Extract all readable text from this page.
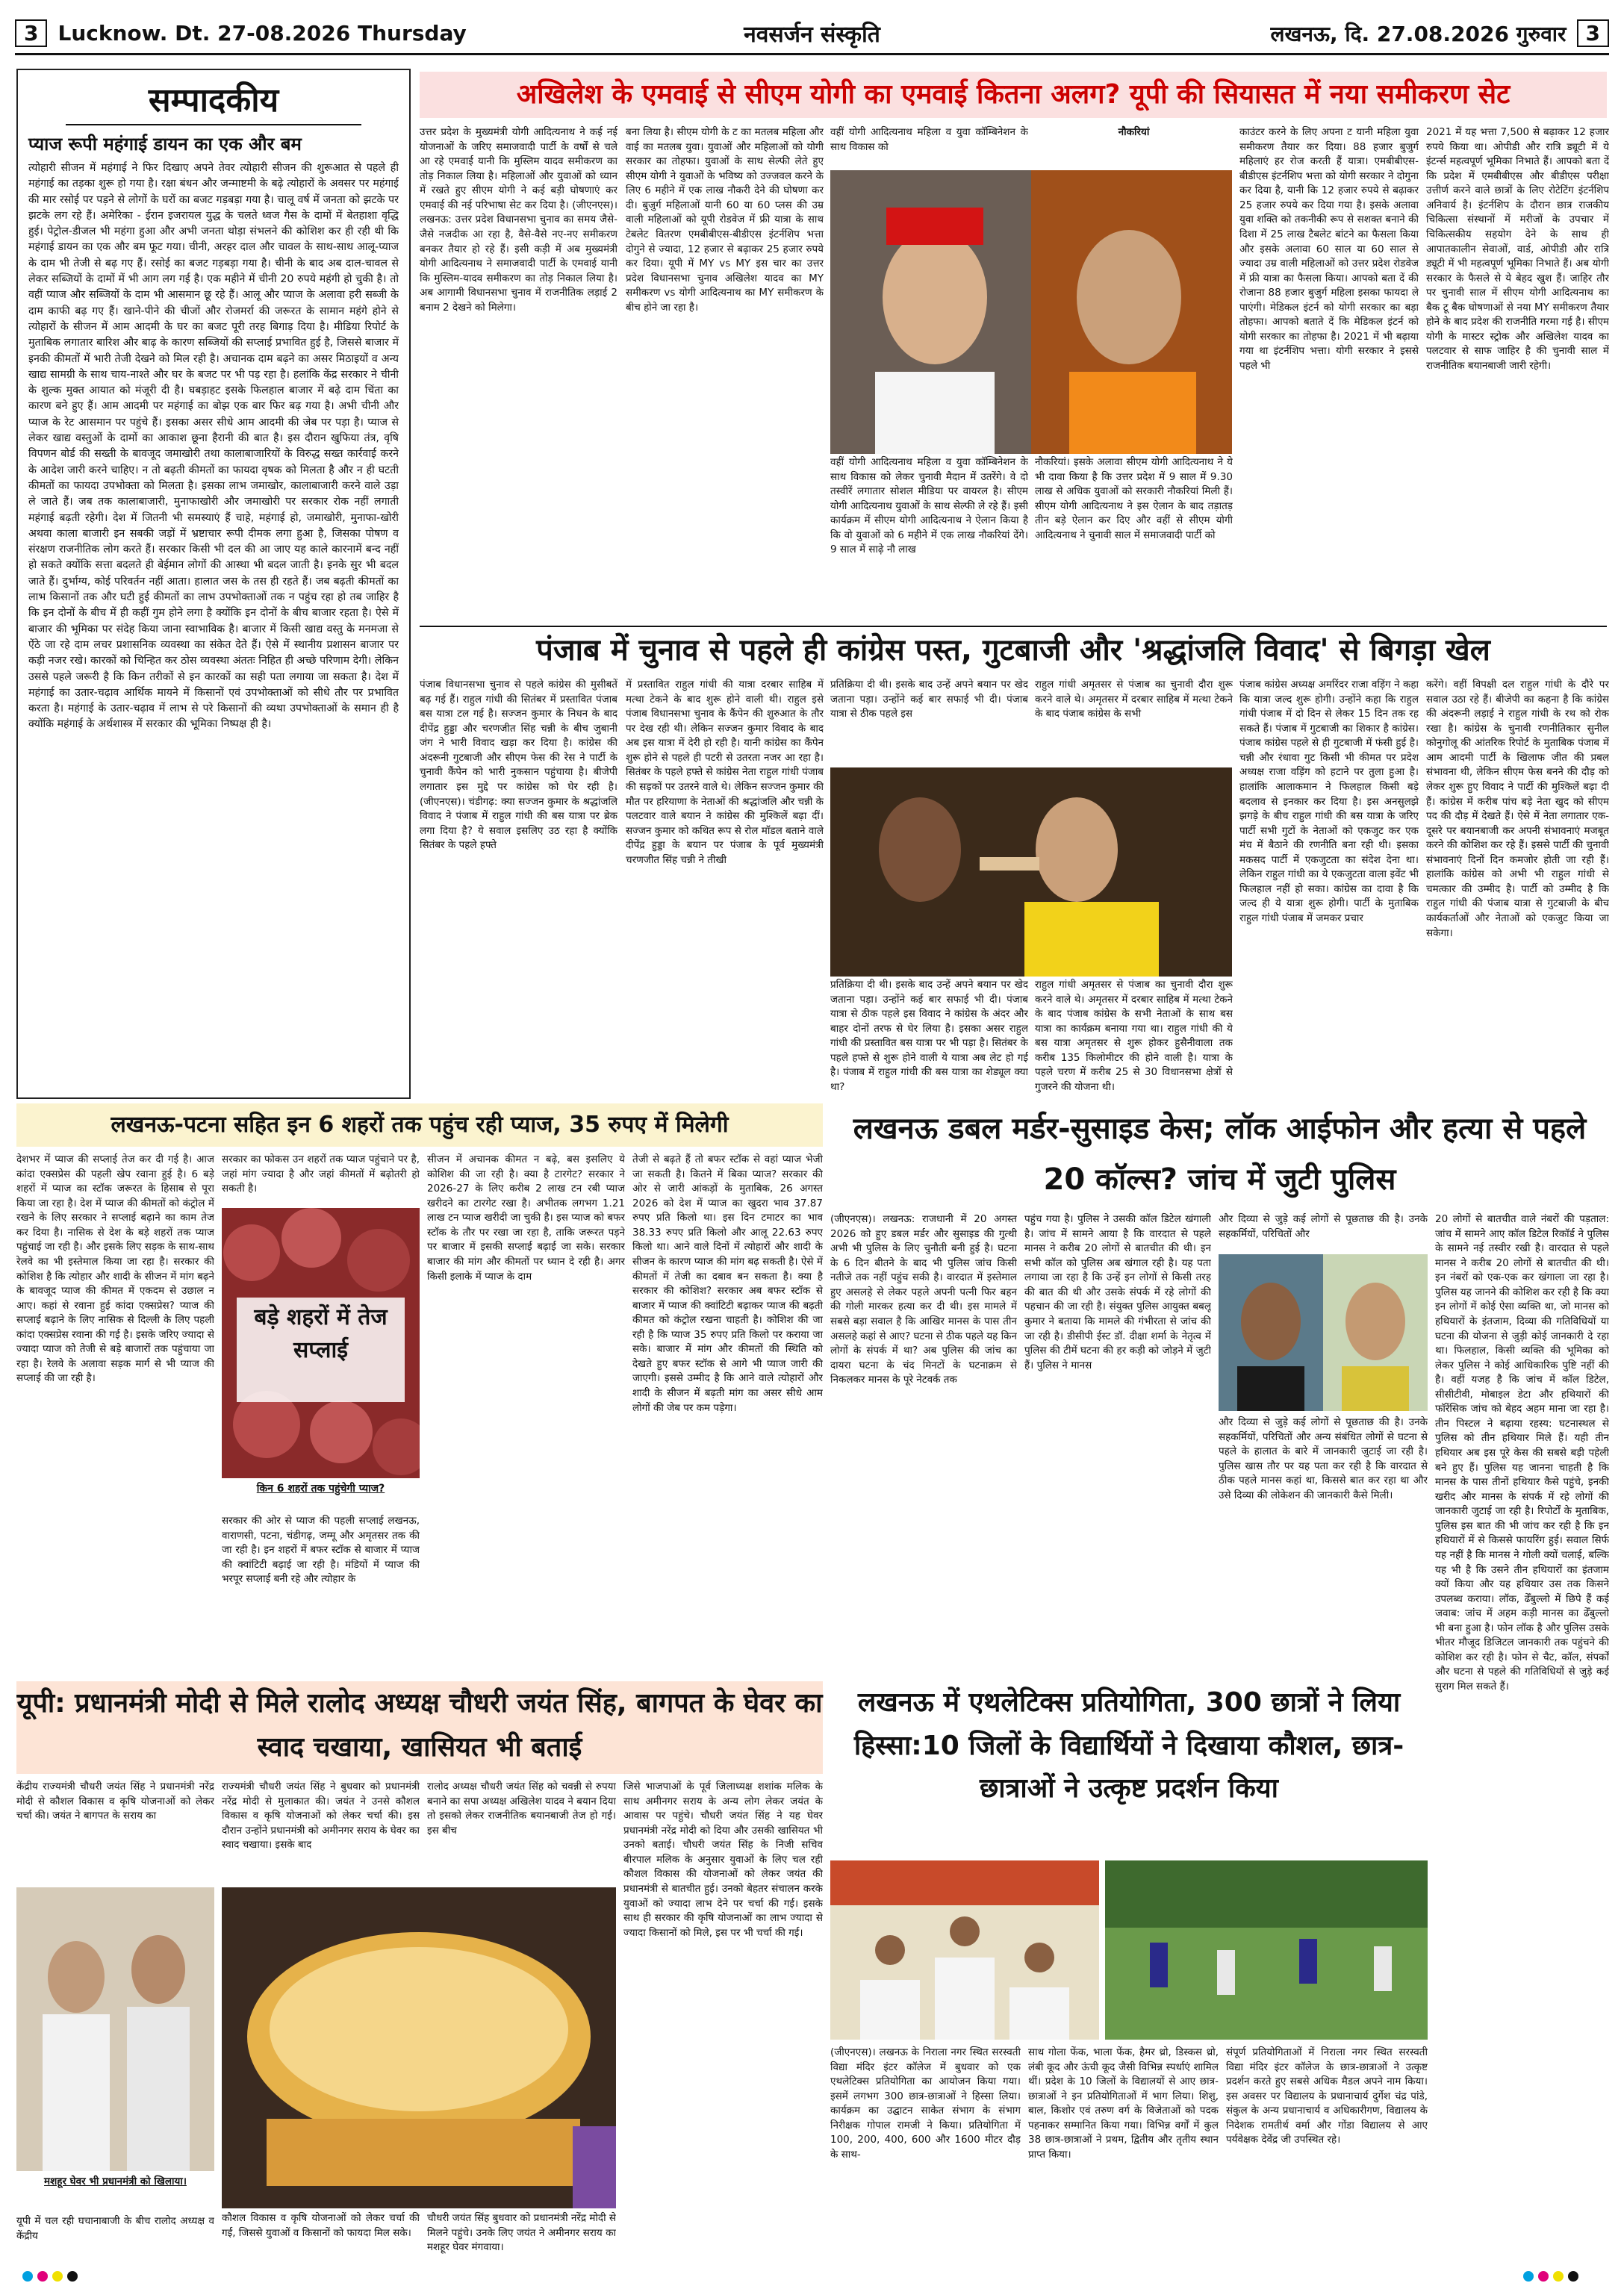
3 Lucknow. Dt. 27-08.2026 Thursday	नवसर्जन संस्कृति	लखनऊ, दि. 27.08.2026 गुरुवार 3
सम्पादकीय
प्याज रूपी महंगाई डायन का एक और बम
त्योहारी सीजन में महंगाई ने फिर दिखाए अपने तेवर त्योहारी सीजन की शुरूआत से पहले ही महंगाई का तड़का शुरू हो गया है। रक्षा बंधन और जन्माष्टमी के बढ़े त्योहारों के अवसर पर महंगाई की मार रसोई पर पड़ने से लोगों के घरों का बजट गड़बड़ा गया है। चालू वर्ष में जनता को झटके पर झटके लग रहे हैं। अमेरिका - ईरान इजरायल युद्ध के चलते ध्वज गैस के दामों में बेतहाशा वृद्धि हुई। पेट्रोल-डीजल भी महंगा हुआ और अभी जनता थोड़ा संभलने की कोशिश कर ही रही थी कि महंगाई डायन का एक और बम फूट गया। चीनी, अरहर दाल और चावल के साथ-साथ आलू-प्याज के दाम भी तेजी से बढ़ गए हैं। रसोई का बजट गड़बड़ा गया है। चीनी के बाद अब दाल-चावल से लेकर सब्जियों के दामों में भी आग लग गई है। एक महीने में चीनी 20 रुपये महंगी हो चुकी है। तो वहीं प्याज और सब्जियों के दाम भी आसमान छू रहे हैं। आलू और प्याज के अलावा हरी सब्जी के दाम काफी बढ़ गए हैं। खाने-पीने की चीजों और रोजमर्रा की जरूरत के सामान महंगे होने से त्योहारों के सीजन में आम आदमी के घर का बजट पूरी तरह बिगाड़ दिया है। मीडिया रिपोर्ट के मुताबिक लगातार बारिश और बाढ़ के कारण सब्जियों की सप्लाई प्रभावित हुई है, जिससे बाजार में इनकी कीमतों में भारी तेजी देखने को मिल रही है। अचानक दाम बढ़ने का असर मिठाइयों व अन्य खाद्य सामग्री के साथ चाय-नाश्ते और घर के बजट पर भी पड़ रहा है। हलांकि केंद्र सरकार ने चीनी के शुल्क मुक्त आयात को मंजूरी दी है। घबड़ाहट इसके फिलहाल बाजार में बढ़े दाम चिंता का कारण बने हुए हैं। आम आदमी पर महंगाई का बोझ एक बार फिर बढ़ गया है। अभी चीनी और प्याज के रेट आसमान पर पहुंचे हैं। इसका असर सीधे आम आदमी की जेब पर पड़ा है। प्याज से लेकर खाद्य वस्तुओं के दामों का आकाश छूना हैरानी की बात है। इस दौरान खुफिया तंत्र, वृषि विपणन बोर्ड की सख्ती के बावजूद जमाखोरी तथा कालाबाजारियों के विरुद्ध सख्त कार्रवाई करने के आदेश जारी करने चाहिए। न तो बढ़ती कीमतों का फायदा वृषक को मिलता है और न ही घटती कीमतों का फायदा उपभोक्ता को मिलता है। इसका लाभ जमाखोर, कालाबाजारी करने वाले उड़ा ले जाते हैं। जब तक कालाबाजारी, मुनाफाखोरी और जमाखोरी पर सरकार रोक नहीं लगाती महंगाई बढ़ती रहेगी। देश में जितनी भी समस्याएं हैं चाहे, महंगाई हो, जमाखोरी, मुनाफा-खोरी अथवा काला बाजारी इन सबकी जड़ों में भ्रष्टाचार रूपी दीमक लगा हुआ है, जिसका पोषण व संरक्षण राजनीतिक लोग करते हैं। सरकार किसी भी दल की आ जाए यह काले कारनामें बन्द नहीं हो सकते क्योंकि सत्ता बदलते ही बेईमान लोगों की आस्था भी बदल जाती है। इनके सुर भी बदल जाते हैं। दुर्भाग्य, कोई परिवर्तन नहीं आता। हालात जस के तस ही रहते हैं। जब बढ़ती कीमतों का लाभ किसानों तक और घटी हुई कीमतों का लाभ उपभोक्ताओं तक न पहुंच रहा हो तब जाहिर है कि इन दोनों के बीच में ही कहीं गुम होने लगा है क्योंकि इन दोनों के बीच बाजार रहता है। ऐसे में बाजार की भूमिका पर संदेह किया जाना स्वाभाविक है। बाजार में किसी खाद्य वस्तु के मनमजा से ऐंठे जा रहे दाम लचर प्रशासनिक व्यवस्था का संकेत देते हैं। ऐसे में स्थानीय प्रशासन बाजार पर कड़ी नजर रखे। कारकों को चिन्हित कर ठोस व्यवस्था अंततः निहित ही अच्छे परिणाम देगी। लेकिन उससे पहले जरूरी है कि किन तरीकों से इन कारकों का सही पता लगाया जा सकता है। देश में महंगाई का उतार-चढ़ाव आर्थिक मायने में किसानों एवं उपभोक्ताओं को सीधे तौर पर प्रभावित करता है। महंगाई के उतार-चढ़ाव में लाभ से परे किसानों की व्यथा उपभोक्ताओं के समान ही है क्योंकि महंगाई के अर्थशास्त्र में सरकार की भूमिका निष्पक्ष ही है।
अखिलेश के एमवाई से सीएम योगी का एमवाई कितना अलग? यूपी की सियासत में नया समीकरण सेट
उत्तर प्रदेश के मुख्यमंत्री योगी आदित्यनाथ ने कई नई योजनाओं के जरिए समाजवादी पार्टी के वर्षों से चले आ रहे एमवाई यानी कि मुस्लिम यादव समीकरण का तोड़ निकाल लिया है। महिलाओं और युवाओं को ध्यान में रखते हुए सीएम योगी ने कई बड़ी घोषणाएं कर एमवाई की नई परिभाषा सेट कर दिया है। (जीएनएस)। लखनऊ: उत्तर प्रदेश विधानसभा चुनाव का समय जैसे-जैसे नजदीक आ रहा है, वैसे-वैसे नए-नए समीकरण बनकर तैयार हो रहे हैं। इसी कड़ी में अब मुख्यमंत्री योगी आदित्यनाथ ने समाजवादी पार्टी के एमवाई यानी कि मुस्लिम-यादव समीकरण का तोड़ निकाल लिया है। अब आगामी विधानसभा चुनाव में राजनीतिक लड़ाई 2 बनाम 2 देखने को मिलेगा।
बना लिया है। सीएम योगी के ट का मतलब महिला और वाई का मतलब युवा। युवाओं और महिलाओं को योगी सरकार का तोहफा। युवाओं के साथ सेल्फी लेते हुए सीएम योगी ने युवाओं के भविष्य को उज्जवल करने के लिए 6 महीने में एक लाख नौकरी देने की घोषणा कर दी। बुजुर्ग महिलाओं यानी 60 या 60 प्लस की उम्र वाली महिलाओं को यूपी रोडवेज में फ्री यात्रा के साथ टेबलेट वितरण एमबीबीएस-बीडीएस इंटर्नशिप भत्ता दोगुने से ज्यादा, 12 हजार से बढ़ाकर 25 हजार रुपये कर दिया। यूपी में MY vs MY इस चार का उत्तर प्रदेश विधानसभा चुनाव अखिलेश यादव का MY समीकरण vs योगी आदित्यनाथ का MY समीकरण के बीच होने जा रहा है।
वहीं योगी आदित्यनाथ महिला व युवा कॉम्बिनेशन के साथ विकास को
वहीं योगी आदित्यनाथ महिला व युवा कॉम्बिनेशन के साथ विकास को लेकर चुनावी मैदान में उतरेंगे। वे दो तस्वीरें लगातार सोशल मीडिया पर वायरल है। सीएम योगी आदित्यनाथ युवाओं के साथ सेल्फी ले रहे हैं। इसी कार्यक्रम में सीएम योगी आदित्यनाथ ने ऐलान किया है कि वो युवाओं को 6 महीने में एक लाख नौकरियां देंगे। 9 साल में साढ़े नौ लाख
नौकरियां। इसके अलावा सीएम योगी आदित्यनाथ ने ये भी दावा किया है कि उत्तर प्रदेश में 9 साल में 9.30 लाख से अधिक युवाओं को सरकारी नौकरियां मिली हैं। सीएम योगी आदित्यनाथ ने इस ऐलान के बाद तड़ातड़ तीन बड़े ऐलान कर दिए और वहीं से सीएम योगी आदित्यनाथ ने चुनावी साल में समाजवादी पार्टी को
नौकरियां	काउंटर करने के लिए अपना ट यानी महिला युवा समीकरण तैयार कर दिया। 88 हजार बुजुर्ग महिलाएं हर रोज करती हैं यात्रा। एमबीबीएस-बीडीएस इंटर्नशिप भत्ता को योगी सरकार ने दोगुना कर दिया है, यानी कि 12 हजार रुपये से बढ़ाकर 25 हजार रुपये कर दिया गया है। इसके अलावा युवा शक्ति को तकनीकी रूप से सशक्त बनाने की दिशा में 25 लाख टैबलेट बांटने का फैसला किया और इसके अलावा 60 साल या 60 साल से ज्यादा उम्र वाली महिलाओं को उत्तर प्रदेश रोडवेज में फ्री यात्रा का फैसला किया। आपको बता दें की रोजाना 88 हजार बुजुर्ग महिला इसका फायदा ले पाएंगी। मेडिकल इंटर्न को योगी सरकार का बड़ा तोहफा। आपको बताते दें कि मेडिकल इंटर्न को योगी सरकार का तोहफा है। 2021 में भी बढ़ाया गया था इंटर्नशिप भत्ता। योगी सरकार ने इससे पहले भी
2021 में यह भत्ता 7,500 से बढ़ाकर 12 हजार रुपये किया था। ओपीडी और रात्रि ड्यूटी में ये इंटर्न्स महत्वपूर्ण भूमिका निभाते हैं। आपको बता दें कि प्रदेश में एमबीबीएस और बीडीएस परीक्षा उत्तीर्ण करने वाले छात्रों के लिए रोटेटिंग इंटर्नशिप अनिवार्य है। इंटर्नशिप के दौरान छात्र राजकीय चिकित्सा संस्थानों में मरीजों के उपचार में चिकित्सकीय सहयोग देने के साथ ही आपातकालीन सेवाओं, वार्ड, ओपीडी और रात्रि ड्यूटी में भी महत्वपूर्ण भूमिका निभाते हैं। अब योगी सरकार के फैसले से ये बेहद खुश हैं। जाहिर तौर पर चुनावी साल में सीएम योगी आदित्यनाथ का बैक टू बैक घोषणाओं से नया MY समीकरण तैयार होने के बाद प्रदेश की राजनीति गरमा गई है। सीएम योगी के मास्टर स्ट्रोक और अखिलेश यादव का पलटवार से साफ जाहिर है की चुनावी साल में राजनीतिक बयानबाजी जारी रहेगी।
पंजाब में चुनाव से पहले ही कांग्रेस पस्त, गुटबाजी और 'श्रद्धांजलि विवाद' से बिगड़ा खेल
पंजाब विधानसभा चुनाव से पहले कांग्रेस की मुसीबतें बढ़ गई हैं। राहुल गांधी की सितंबर में प्रस्तावित पंजाब बस यात्रा टल गई है। सज्जन कुमार के निधन के बाद दीपेंद्र हुड्डा और चरणजीत सिंह चन्नी के बीच जुबानी जंग ने भारी विवाद खड़ा कर दिया है। कांग्रेस की अंदरूनी गुटबाजी और सीएम फेस की रेस ने पार्टी के चुनावी कैंपेन को भारी नुकसान पहुंचाया है। बीजेपी लगातार इस मुद्दे पर कांग्रेस को घेर रही है। (जीएनएस)। चंडीगढ़: क्या सज्जन कुमार के श्रद्धांजलि विवाद ने पंजाब में राहुल गांधी की बस यात्रा पर ब्रेक लगा दिया है? ये सवाल इसलिए उठ रहा है क्योंकि सितंबर के पहले हफ्ते
में प्रस्तावित राहुल गांधी की यात्रा दरबार साहिब में मत्था टेकने के बाद शुरू होने वाली थी। राहुल इसे पंजाब विधानसभा चुनाव के कैंपेन की शुरुआत के तौर पर देख रही थी। लेकिन सज्जन कुमार विवाद के बाद अब इस यात्रा में देरी हो रही है। यानी कांग्रेस का कैंपेन शुरू होने से पहले ही पटरी से उतरता नजर आ रहा है। सितंबर के पहले हफ्ते से कांग्रेस नेता राहुल गांधी पंजाब की सड़कों पर उतरने वाले थे। लेकिन सज्जन कुमार की मौत पर हरियाणा के नेताओं की श्रद्धांजलि और चन्नी के पलटवार वाले बयान ने कांग्रेस की मुश्किलें बढ़ा दीं। सज्जन कुमार को कथित रूप से रोल मॉडल बताने वाले दीपेंद्र हुड्डा के बयान पर पंजाब के पूर्व मुख्यमंत्री चरणजीत सिंह चन्नी ने तीखी
प्रतिक्रिया दी थी। इसके बाद उन्हें अपने बयान पर खेद जताना पड़ा। उन्होंने कई बार सफाई भी दी। पंजाब यात्रा से ठीक पहले इस
प्रतिक्रिया दी थी। इसके बाद उन्हें अपने बयान पर खेद जताना पड़ा। उन्होंने कई बार सफाई भी दी। पंजाब यात्रा से ठीक पहले इस विवाद ने कांग्रेस के अंदर और बाहर दोनों तरफ से घेर लिया है। इसका असर राहुल गांधी की प्रस्तावित बस यात्रा पर भी पड़ा है। सितंबर के पहले हफ्ते से शुरू होने वाली ये यात्रा अब लेट हो गई है। पंजाब में राहुल गांधी की बस यात्रा का शेड्यूल क्या था?
राहुल गांधी अमृतसर से पंजाब का चुनावी दौरा शुरू करने वाले थे। अमृतसर में दरबार साहिब में मत्था टेकने के बाद पंजाब कांग्रेस के सभी नेताओं के साथ बस यात्रा का कार्यक्रम बनाया गया था। राहुल गांधी की ये बस यात्रा अमृतसर से शुरू होकर हुसैनीवाला तक करीब 135 किलोमीटर की होने वाली है। यात्रा के पहले चरण में करीब 25 से 30 विधानसभा क्षेत्रों से गुजरने की योजना थी।
राहुल गांधी अमृतसर से पंजाब का चुनावी दौरा शुरू करने वाले थे। अमृतसर में दरबार साहिब में मत्था टेकने के बाद पंजाब कांग्रेस के सभी
पंजाब कांग्रेस अध्यक्ष अमरिंदर राजा वड़िंग ने कहा कि यात्रा जल्द शुरू होगी। उन्होंने कहा कि राहुल गांधी पंजाब में दो दिन से लेकर 15 दिन तक रह सकते हैं। पंजाब में गुटबाजी का शिकार है कांग्रेस। पंजाब कांग्रेस पहले से ही गुटबाजी में फंसी हुई है। चन्नी और रंधावा गुट किसी भी कीमत पर प्रदेश अध्यक्ष राजा वड़िंग को हटाने पर तुला हुआ है। हालांकि आलाकमान ने फिलहाल किसी बड़े बदलाव से इनकार कर दिया है। इस अनसुलझे झगड़े के बीच राहुल गांधी की बस यात्रा के जरिए पार्टी सभी गुटों के नेताओं को एकजुट कर एक मंच में बैठाने की रणनीति बना रही थी। इसका मकसद पार्टी में एकजुटता का संदेश देना था। लेकिन राहुल गांधी का ये एकजुटता वाला इवेंट भी फिलहाल नहीं हो सका। कांग्रेस का दावा है कि जल्द ही ये यात्रा शुरू होगी। पार्टी के मुताबिक राहुल गांधी पंजाब में जमकर प्रचार
करेंगे। वहीं विपक्षी दल राहुल गांधी के दौरे पर सवाल उठा रहे हैं। बीजेपी का कहना है कि कांग्रेस की अंदरूनी लड़ाई ने राहुल गांधी के रथ को रोक रखा है। कांग्रेस के चुनावी रणनीतिकार सुनील कोनुगोलू की आंतरिक रिपोर्ट के मुताबिक पंजाब में आम आदमी पार्टी के खिलाफ जीत की प्रबल संभावना थी, लेकिन सीएम फेस बनने की दौड़ को लेकर शुरू हुए विवाद ने पार्टी की मुश्किलें बढ़ा दी हैं। कांग्रेस में करीब पांच बड़े नेता खुद को सीएम पद की दौड़ में देखते हैं। ऐसे में नेता लगातार एक-दूसरे पर बयानबाजी कर अपनी संभावनाएं मजबूत करने की कोशिश कर रहे हैं। इससे पार्टी की चुनावी संभावनाएं दिनों दिन कमजोर होती जा रही हैं। हालांकि कांग्रेस को अभी भी राहुल गांधी से चमत्कार की उम्मीद है। पार्टी को उम्मीद है कि राहुल गांधी की पंजाब यात्रा से गुटबाजी के बीच कार्यकर्ताओं और नेताओं को एकजुट किया जा सकेगा।
लखनऊ-पटना सहित इन 6 शहरों तक पहुंच रही प्याज, 35 रुपए में मिलेगी
देशभर में प्याज की सप्लाई तेज कर दी गई है। आज कांदा एक्सप्रेस की पहली खेप रवाना हुई है। 6 बड़े शहरों में प्याज का स्टॉक जरूरत के हिसाब से पूरा किया जा रहा है। देश में प्याज की कीमतों को कंट्रोल में रखने के लिए सरकार ने सप्लाई बढ़ाने का काम तेज कर दिया है। नासिक से देश के बड़े शहरों तक प्याज पहुंचाई जा रही है। और इसके लिए सड़क के साथ-साथ रेलवे का भी इस्तेमाल किया जा रहा है। सरकार की कोशिश है कि त्योहार और शादी के सीजन में मांग बढ़ने के बावजूद प्याज की कीमत में एकदम से उछाल न आए। कहां से रवाना हुई कांदा एक्सप्रेस? प्याज की सप्लाई बढ़ाने के लिए नासिक से दिल्ली के लिए पहली कांदा एक्सप्रेस रवाना की गई है। इसके जरिए ज्यादा से ज्यादा प्याज को तेजी से बड़े बाजारों तक पहुंचाया जा रहा है। रेलवे के अलावा सड़क मार्ग से भी प्याज की सप्लाई की जा रही है।
सरकार का फोकस उन शहरों तक प्याज पहुंचाने पर है, जहां मांग ज्यादा है और जहां कीमतों में बढ़ोतरी हो सकती है।
बड़े शहरों में तेज सप्लाई
किन 6 शहरों तक पहुंचेगी प्याज?
सरकार की ओर से प्याज की पहली सप्लाई लखनऊ, वाराणसी, पटना, चंडीगढ़, जम्मू और अमृतसर तक की जा रही है। इन शहरों में बफर स्टॉक से बाजार में प्याज की क्वांटिटी बढ़ाई जा रही है। मंडियों में प्याज की भरपूर सप्लाई बनी रहे और त्योहार के
सीजन में अचानक कीमत न बढ़े, बस इसलिए ये कोशिश की जा रही है। क्या है टारगेट? सरकार ने 2026-27 के लिए करीब 2 लाख टन रबी प्याज खरीदने का टारगेट रखा है। अभीतक लगभग 1.21 लाख टन प्याज खरीदी जा चुकी है। इस प्याज को बफर स्टॉक के तौर पर रखा जा रहा है, ताकि जरूरत पड़ने पर बाजार में इसकी सप्लाई बढ़ाई जा सके। सरकार बाजार की मांग और कीमतों पर ध्यान दे रही है। अगर किसी इलाके में प्याज के दाम
तेजी से बढ़ते हैं तो बफर स्टॉक से वहां प्याज भेजी जा सकती है। कितने में बिका प्याज? सरकार की ओर से जारी आंकड़ों के मुताबिक, 26 अगस्त 2026 को देश में प्याज का खुदरा भाव 37.87 रुपए प्रति किलो था। इस दिन टमाटर का भाव 38.33 रुपए प्रति किलो और आलू 22.63 रुपए किलो था। आने वाले दिनों में त्योहारों और शादी के सीजन के कारण प्याज की मांग बढ़ सकती है। ऐसे में कीमतों में तेजी का दबाव बन सकता है। क्या है सरकार की कोशिश? सरकार अब बफर स्टॉक से बाजार में प्याज की क्वांटिटी बढ़ाकर प्याज की बढ़ती कीमत को कंट्रोल रखना चाहती है। कोशिश की जा रही है कि प्याज 35 रुपए प्रति किलो पर कराया जा सके। बाजार में मांग और कीमतों की स्थिति को देखते हुए बफर स्टॉक से आगे भी प्याज जारी की जाएगी। इससे उम्मीद है कि आने वाले त्योहारों और शादी के सीजन में बढ़ती मांग का असर सीधे आम लोगों की जेब पर कम पड़ेगा।
लखनऊ डबल मर्डर-सुसाइड केस; लॉक आईफोन और हत्या से पहले 20 कॉल्स? जांच में जुटी पुलिस
(जीएनएस)। लखनऊ: राजधानी में 20 अगस्त 2026 को हुए डबल मर्डर और सुसाइड की गुत्थी अभी भी पुलिस के लिए चुनौती बनी हुई है। घटना के 6 दिन बीतने के बाद भी पुलिस जांच किसी नतीजे तक नहीं पहुंच सकी है। वारदात में इस्तेमाल हुए असलहे से लेकर पहले अपनी पत्नी फिर बहन की गोली मारकर हत्या कर दी थी। इस मामले में सबसे बड़ा सवाल है कि आखिर मानस के पास तीन असलहे कहां से आए? घटना से ठीक पहले यह किन लोगों के संपर्क में था? अब पुलिस की जांच का दायरा घटना के चंद मिनटों के घटनाक्रम से निकलकर मानस के पूरे नेटवर्क तक
पहुंच गया है। पुलिस ने उसकी कॉल डिटेल खंगाली है। जांच में सामने आया है कि वारदात से पहले मानस ने करीब 20 लोगों से बातचीत की थी। इन सभी कॉल को पुलिस अब खंगाल रही है। यह पता लगाया जा रहा है कि उन्हें इन लोगों से किसी तरह की बात की थी और उसके संपर्क में रहे लोगों की पहचान की जा रही है। संयुक्त पुलिस आयुक्त बबलू कुमार ने बताया कि मामले की गंभीरता से जांच की जा रही है। डीसीपी ईस्ट डॉ. दीक्षा शर्मा के नेतृत्व में पुलिस की टीमें घटना की हर कड़ी को जोड़ने में जुटी हैं। पुलिस ने मानस
और दिव्या से जुड़े कई लोगों से पूछताछ की है। उनके सहकर्मियों, परिचितों और अन्य संबंधित लोगों से घटना से पहले के हालात के बारे में जानकारी जुटाई जा रही है। पुलिस खास तौर पर यह पता कर रही है कि वारदात से ठीक पहले मानस कहां था, किससे बात कर रहा था और उसे दिव्या की लोकेशन की जानकारी कैसे मिली।
और दिव्या से जुड़े कई लोगों से पूछताछ की है। उनके सहकर्मियों, परिचितों और
20 लोगों से बातचीत वाले नंबरों की पड़ताल: जांच में सामने आए कॉल डिटेल रिकॉर्ड ने पुलिस के सामने नई तस्वीर रखी है। वारदात से पहले मानस ने करीब 20 लोगों से बातचीत की थी। इन नंबरों को एक-एक कर खंगाला जा रहा है। पुलिस यह जानने की कोशिश कर रही है कि क्या इन लोगों में कोई ऐसा व्यक्ति था, जो मानस को हथियारों के इंतजाम, दिव्या की गतिविधियों या घटना की योजना से जुड़ी कोई जानकारी दे रहा था। फिलहाल, किसी व्यक्ति की भूमिका को लेकर पुलिस ने कोई आधिकारिक पुष्टि नहीं की है। वहीं यजह है कि जांच में कॉल डिटेल, सीसीटीवी, मोबाइल डेटा और हथियारों की फॉरेंसिक जांच को बेहद अहम माना जा रहा है। तीन पिस्टल ने बढ़ाया रहस्य: घटनास्थल से पुलिस को तीन हथियार मिले हैं। यही तीन हथियार अब इस पूरे केस की सबसे बड़ी पहेली बने हुए हैं। पुलिस यह जानना चाहती है कि मानस के पास तीनों हथियार कैसे पहुंचे, इनकी खरीद और मानस के संपर्क में रहे लोगों की जानकारी जुटाई जा रही है। रिपोर्टों के मुताबिक, पुलिस इस बात की भी जांच कर रही है कि इन हथियारों में से किससे फायरिंग हुई। सवाल सिर्फ यह नहीं है कि मानस ने गोली क्यों चलाई, बल्कि यह भी है कि उसने तीन हथियारों का इंतजाम क्यों किया और यह हथियार उस तक किसने उपलब्ध कराया। लॉक, ढेँबुल्लो में छिपे हैं कई जवाब: जांच में अहम कड़ी मानस का ढेँबुल्लो भी बना हुआ है। फोन लॉक है और पुलिस उसके भीतर मौजूद डिजिटल जानकारी तक पहुंचने की कोशिश कर रही है। फोन से चैट, कॉल, संपर्कों और घटना से पहले की गतिविधियों से जुड़े कई सुराग मिल सकते हैं।
यूपी: प्रधानमंत्री मोदी से मिले रालोद अध्यक्ष चौधरी जयंत सिंह, बागपत के घेवर का स्वाद चखाया, खासियत भी बताई
केंद्रीय राज्यमंत्री चौधरी जयंत सिंह ने प्रधानमंत्री नरेंद्र मोदी से कौशल विकास व कृषि योजनाओं को लेकर चर्चा की। जयंत ने बागपत के सराय का
मशहूर घेवर भी प्रधानमंत्री को खिलाया।
यूपी में चल रही घचानाबाजी के बीच रालोद अध्यक्ष व केंद्रीय
राज्यमंत्री चौधरी जयंत सिंह ने बुधवार को प्रधानमंत्री नरेंद्र मोदी से मुलाकात की। जयंत ने उनसे कौशल विकास व कृषि योजनाओं को लेकर चर्चा की। इस दौरान उन्होंने प्रधानमंत्री को अमीनगर सराय के घेवर का स्वाद चखाया। इसके बाद
कौशल विकास व कृषि योजनाओं को लेकर चर्चा की गई, जिससे युवाओं व किसानों को फायदा मिल सके।
रालोद अध्यक्ष चौधरी जयंत सिंह को चवन्नी से रुपया बनाने का सपा अध्यक्ष अखिलेश यादव ने बयान दिया तो इसको लेकर राजनीतिक बयानबाजी तेज हो गई। इस बीच
चौधरी जयंत सिंह बुधवार को प्रधानमंत्री नरेंद्र मोदी से मिलने पहुंचे। उनके लिए जयंत ने अमीनगर सराय का मशहूर घेवर मंगवाया।
जिसे भाजपाओं के पूर्व जिलाध्यक्ष शशांक मलिक के साथ अमीनगर सराय के अन्य लोग लेकर जयंत के आवास पर पहुंचे। चौधरी जयंत सिंह ने यह घेवर प्रधानमंत्री नरेंद्र मोदी को दिया और उसकी खासियत भी उनको बताई। चौधरी जयंत सिंह के निजी सचिव बीरपाल मलिक के अनुसार युवाओं के लिए चल रही कौशल विकास की योजनाओं को लेकर जयंत की प्रधानमंत्री से बातचीत हुई। उनको बेहतर संचालन करके युवाओं को ज्यादा लाभ देने पर चर्चा की गई। इसके साथ ही सरकार की कृषि योजनाओं का लाभ ज्यादा से ज्यादा किसानों को मिले, इस पर भी चर्चा की गई।
लखनऊ में एथलेटिक्स प्रतियोगिता, 300 छात्रों ने लिया हिस्सा:10 जिलों के विद्यार्थियों ने दिखाया कौशल, छात्र-छात्राओं ने उत्कृष्ट प्रदर्शन किया
(जीएनएस)। लखनऊ के निराला नगर स्थित सरस्वती विद्या मंदिर इंटर कॉलेज में बुधवार को एक एथलेटिक्स प्रतियोगिता का आयोजन किया गया। इसमें लगभग 300 छात्र-छात्राओं ने हिस्सा लिया। कार्यक्रम का उद्घाटन साकेत संभाग के संभाग निरीक्षक गोपाल रामजी ने किया। प्रतियोगिता में 100, 200, 400, 600 और 1600 मीटर दौड़ के साथ-
साथ गोला फेंक, भाला फेंक, हैमर थ्रो, डिस्कस थ्रो, लंबी कूद और ऊंची कूद जैसी विभिन्न स्पर्धाएं शामिल थीं। प्रदेश के 10 जिलों के विद्यालयों से आए छात्र-छात्राओं ने इन प्रतियोगिताओं में भाग लिया। शिशु, बाल, किशोर एवं तरुण वर्ग के विजेताओं को पदक पहनाकर सम्मानित किया गया। विभिन्न वर्गों में कुल 38 छात्र-छात्राओं ने प्रथम, द्वितीय और तृतीय स्थान प्राप्त किया।
संपूर्ण प्रतियोगिताओं में निराला नगर स्थित सरस्वती विद्या मंदिर इंटर कॉलेज के छात्र-छात्राओं ने उत्कृष्ट प्रदर्शन करते हुए सबसे अधिक मैडल अपने नाम किया। इस अवसर पर विद्यालय के प्रधानाचार्य दुर्गेश चंद्र पांडे, संकुल के अन्य प्रधानाचार्य व अधिकारीगण, विद्यालय के निदेशक रामतीर्थ वर्मा और गोंडा विद्यालय से आए पर्यवेक्षक देवेंद्र जी उपस्थित रहे।
